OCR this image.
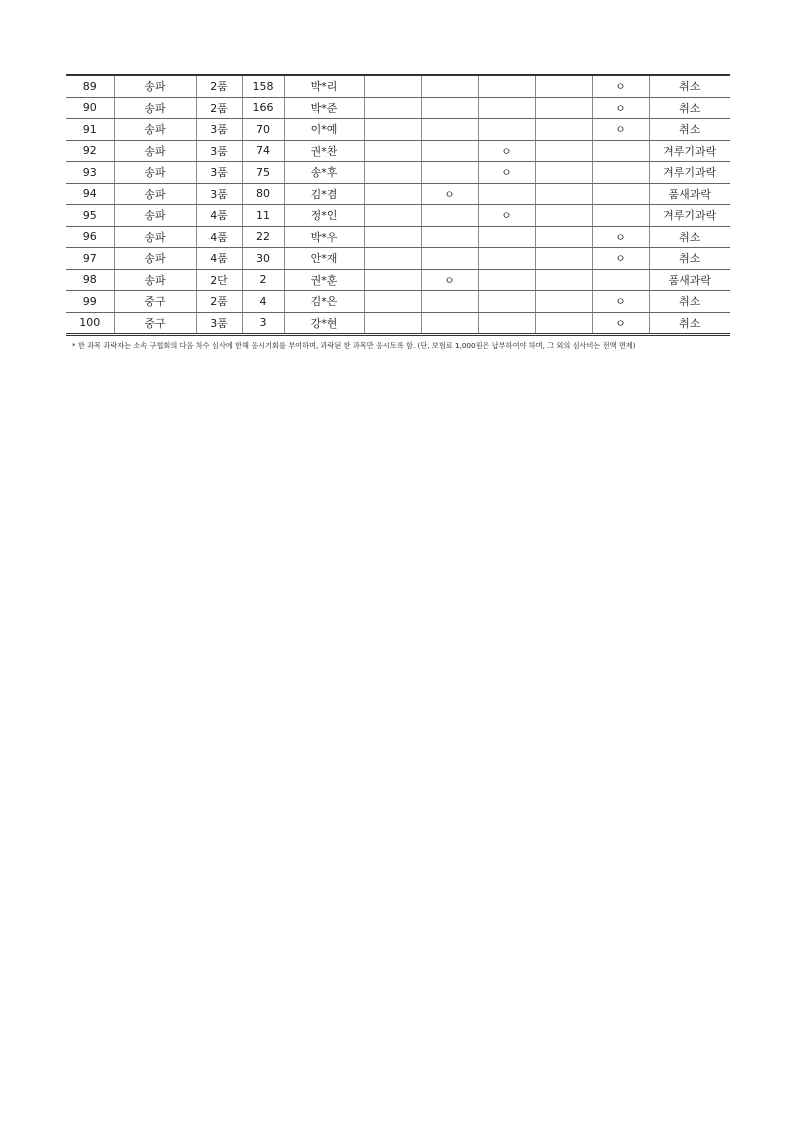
89	송파	2품	158	박*리					ㅇ	취소
90	송파	2품	166	박*준					ㅇ	취소
91	송파	3품	70	이*예					ㅇ	취소
92	송파	3품	74	권*찬			ㅇ			겨루기과락
93	송파	3품	75	송*후			ㅇ			겨루기과락
94	송파	3품	80	김*겸		ㅇ				품새과락
95	송파	4품	11	정*인			ㅇ			겨루기과락
96	송파	4품	22	박*우					ㅇ	취소
97	송파	4품	30	안*재					ㅇ	취소
98	송파	2단	2	권*훈		ㅇ				품새과락
99	중구	2품	4	김*은					ㅇ	취소
100	중구	3품	3	강*현					ㅇ	취소
* 한 과목 과락자는 소속 구협회의 다음 차수 심사에 한해 응시기회를 부여하며, 과락된 한 과목만 응시토록 함. (단, 보험료 1,000원은 납부하여야 하며, 그 외의 심사비는 전액 면제)
